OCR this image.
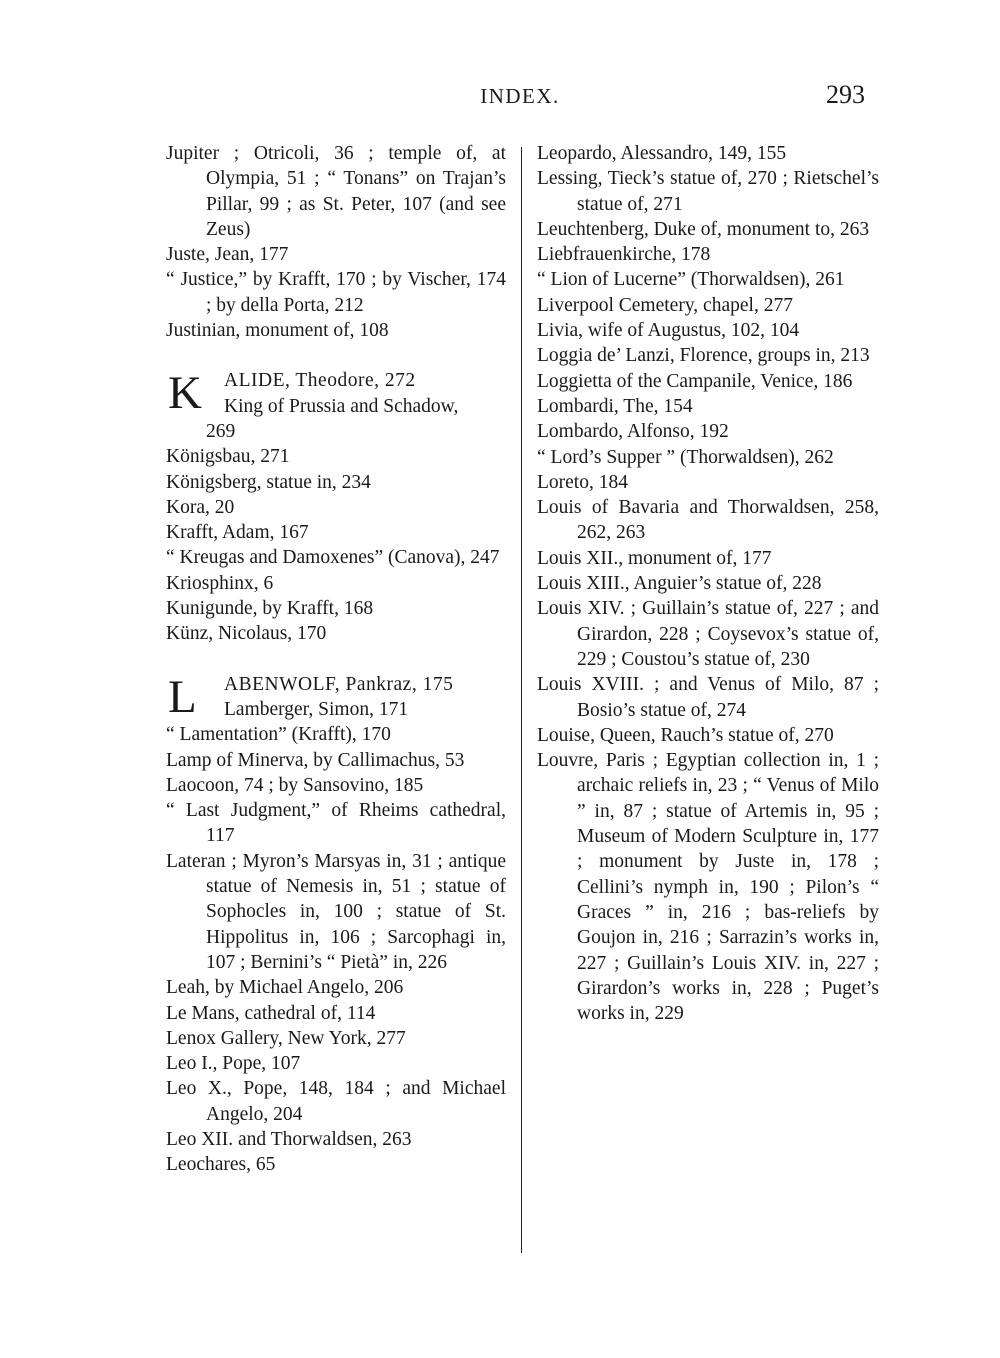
INDEX.	293
Jupiter ; Otricoli, 36 ; temple of, at Olympia, 51 ; “ Tonans” on Trajan’s Pillar, 99 ; as St. Peter, 107 (and see Zeus)
Juste, Jean, 177
“ Justice,” by Krafft, 170 ; by Vischer, 174 ; by della Porta, 212
Justinian, monument of, 108
K ALIDE, Theodore, 272
King of Prussia and Schadow,
269
Königsbau, 271
Königsberg, statue in, 234
Kora, 20
Krafft, Adam, 167
“ Kreugas and Damoxenes” (Canova), 247
Kriosphinx, 6
Kunigunde, by Krafft, 168
Künz, Nicolaus, 170
L ABENWOLF, Pankraz, 175
Lamberger, Simon, 171
“ Lamentation” (Krafft), 170
Lamp of Minerva, by Callimachus, 53
Laocoon, 74 ; by Sansovino, 185
“ Last Judgment,” of Rheims cathedral, 117
Lateran ; Myron’s Marsyas in, 31 ; antique statue of Nemesis in, 51 ; statue of Sophocles in, 100 ; statue of St. Hippolitus in, 106 ; Sarcophagi in, 107 ; Bernini’s “ Pietà” in, 226
Leah, by Michael Angelo, 206
Le Mans, cathedral of, 114
Lenox Gallery, New York, 277
Leo I., Pope, 107
Leo X., Pope, 148, 184 ; and Michael Angelo, 204
Leo XII. and Thorwaldsen, 263
Leochares, 65
Leopardo, Alessandro, 149, 155
Lessing, Tieck’s statue of, 270 ; Rietschel’s statue of, 271
Leuchtenberg, Duke of, monument to, 263
Liebfrauenkirche, 178
“ Lion of Lucerne” (Thorwaldsen), 261
Liverpool Cemetery, chapel, 277
Livia, wife of Augustus, 102, 104
Loggia de’ Lanzi, Florence, groups in, 213
Loggietta of the Campanile, Venice, 186
Lombardi, The, 154
Lombardo, Alfonso, 192
“ Lord’s Supper ” (Thorwaldsen), 262
Loreto, 184
Louis of Bavaria and Thorwaldsen, 258, 262, 263
Louis XII., monument of, 177
Louis XIII., Anguier’s statue of, 228
Louis XIV. ; Guillain’s statue of, 227 ; and Girardon, 228 ; Coysevox’s statue of, 229 ; Coustou’s statue of, 230
Louis XVIII. ; and Venus of Milo, 87 ; Bosio’s statue of, 274
Louise, Queen, Rauch’s statue of, 270
Louvre, Paris ; Egyptian collection in, 1 ; archaic reliefs in, 23 ; “ Venus of Milo ” in, 87 ; statue of Artemis in, 95 ; Museum of Modern Sculpture in, 177 ; monument by Juste in, 178 ; Cellini’s nymph in, 190 ; Pilon’s “ Graces ” in, 216 ; bas-reliefs by Goujon in, 216 ; Sarrazin’s works in, 227 ; Guillain’s Louis XIV. in, 227 ; Girardon’s works in, 228 ; Puget’s works in, 229
